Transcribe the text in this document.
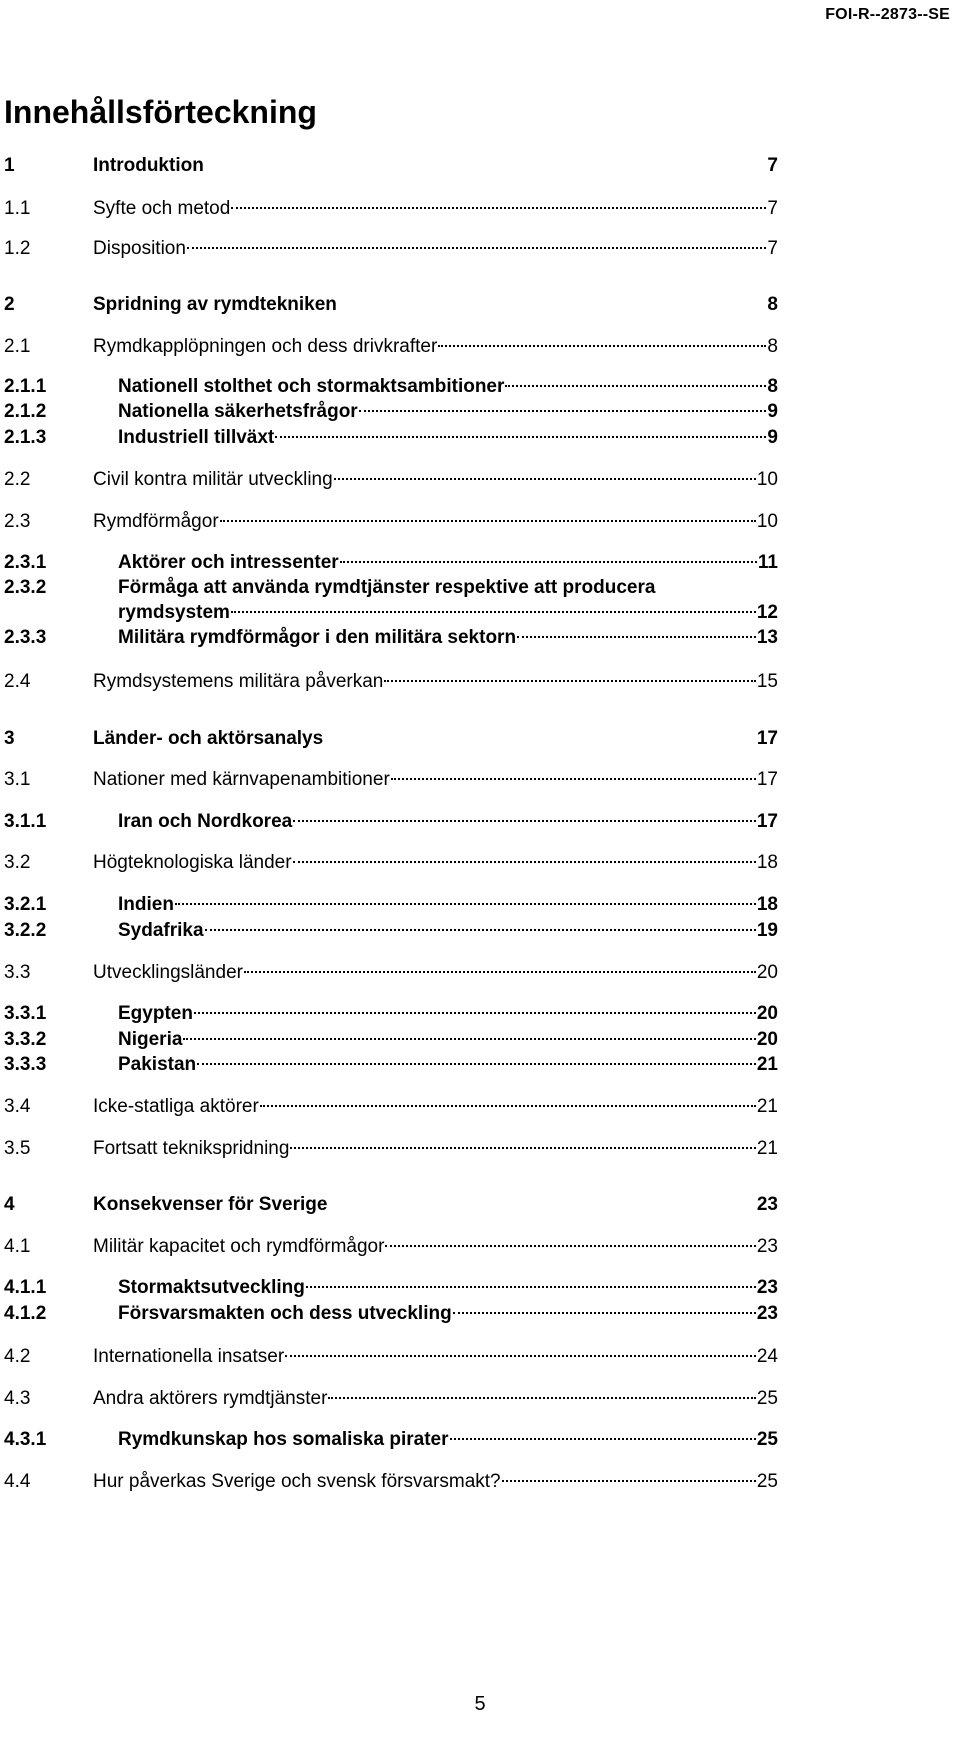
FOI-R--2873--SE
Innehållsförteckning
1	Introduktion	7
1.1	Syfte och metod	7
1.2	Disposition	7
2	Spridning av rymdtekniken	8
2.1	Rymdkapplöpningen och dess drivkrafter	8
2.1.1	Nationell stolthet och stormaktsambitioner	8
2.1.2	Nationella säkerhetsfrågor	9
2.1.3	Industriell tillväxt	9
2.2	Civil kontra militär utveckling	10
2.3	Rymdförmågor	10
2.3.1	Aktörer och intressenter	11
2.3.2	Förmåga att använda rymdtjänster respektive att producera
rymdsystem	12
2.3.3	Militära rymdförmågor i den militära sektorn	13
2.4	Rymdsystemens militära påverkan	15
3	Länder- och aktörsanalys	17
3.1	Nationer med kärnvapenambitioner	17
3.1.1	Iran och Nordkorea	17
3.2	Högteknologiska länder	18
3.2.1	Indien	18
3.2.2	Sydafrika	19
3.3	Utvecklingsländer	20
3.3.1	Egypten	20
3.3.2	Nigeria	20
3.3.3	Pakistan	21
3.4	Icke-statliga aktörer	21
3.5	Fortsatt teknikspridning	21
4	Konsekvenser för Sverige	23
4.1	Militär kapacitet och rymdförmågor	23
4.1.1	Stormaktsutveckling	23
4.1.2	Försvarsmakten och dess utveckling	23
4.2	Internationella insatser	24
4.3	Andra aktörers rymdtjänster	25
4.3.1	Rymdkunskap hos somaliska pirater	25
4.4	Hur påverkas Sverige och svensk försvarsmakt?	25
5
